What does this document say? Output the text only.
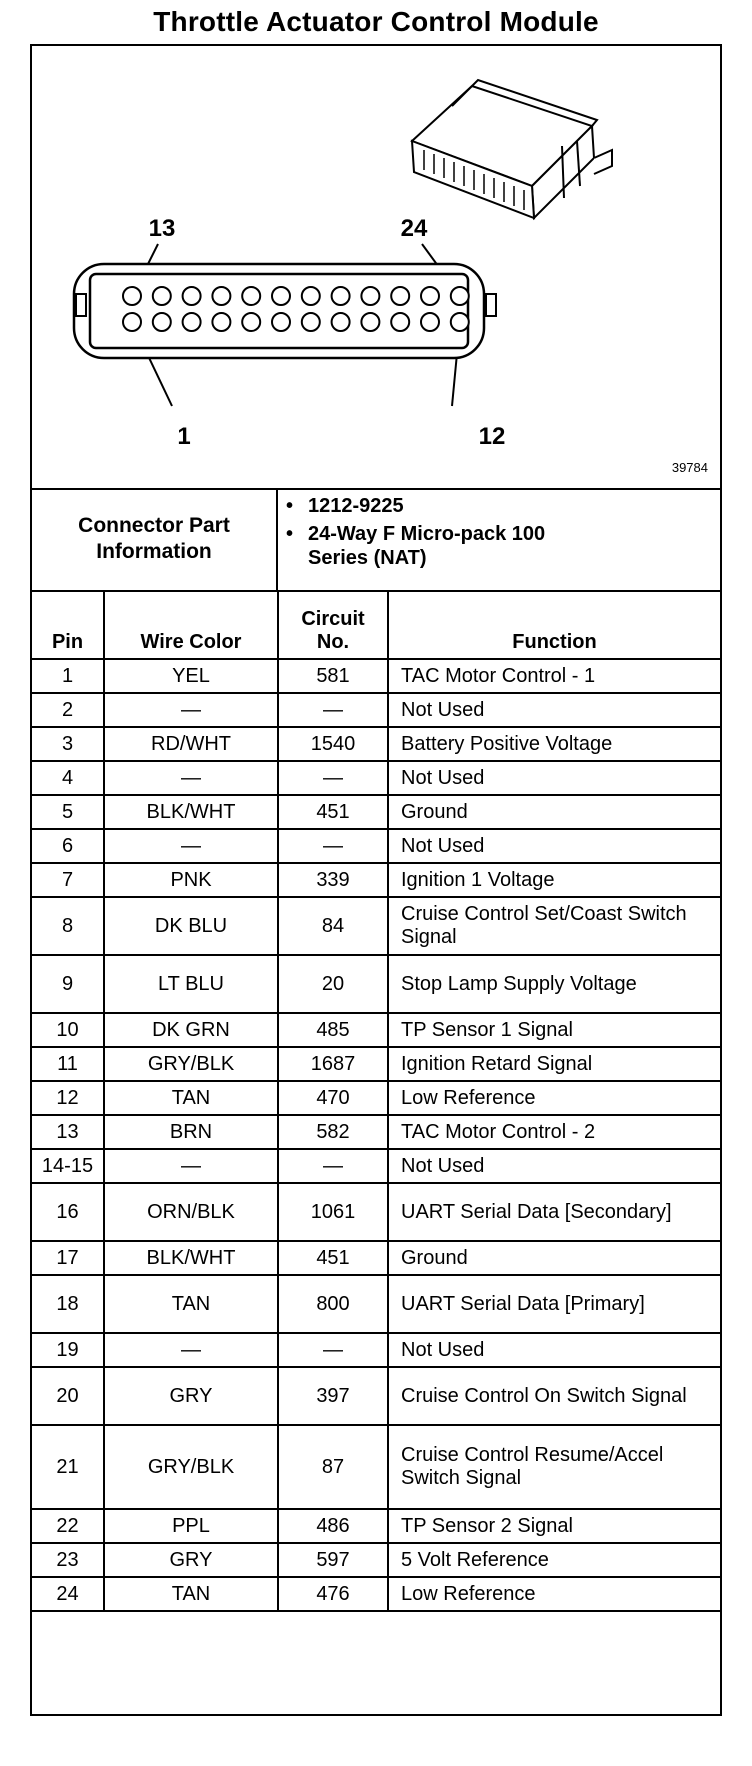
Throttle Actuator Control Module
13	24
1	12
39784
Connector Part Information
• 1212-9225
• 24-Way F Micro-pack 100 Series (NAT)
Pin	Wire Color	Circuit No.	Function
1	YEL	581	TAC Motor Control - 1
2	—	—	Not Used
3	RD/WHT	1540	Battery Positive Voltage
4	—	—	Not Used
5	BLK/WHT	451	Ground
6	—	—	Not Used
7	PNK	339	Ignition 1 Voltage
8	DK BLU	84	Cruise Control Set/Coast Switch Signal
9	LT BLU	20	Stop Lamp Supply Voltage
10	DK GRN	485	TP Sensor 1 Signal
11	GRY/BLK	1687	Ignition Retard Signal
12	TAN	470	Low Reference
13	BRN	582	TAC Motor Control - 2
14-15	—	—	Not Used
16	ORN/BLK	1061	UART Serial Data [Secondary]
17	BLK/WHT	451	Ground
18	TAN	800	UART Serial Data [Primary]
19	—	—	Not Used
20	GRY	397	Cruise Control On Switch Signal
21	GRY/BLK	87	Cruise Control Resume/Accel Switch Signal
22	PPL	486	TP Sensor 2 Signal
23	GRY	597	5 Volt Reference
24	TAN	476	Low Reference
